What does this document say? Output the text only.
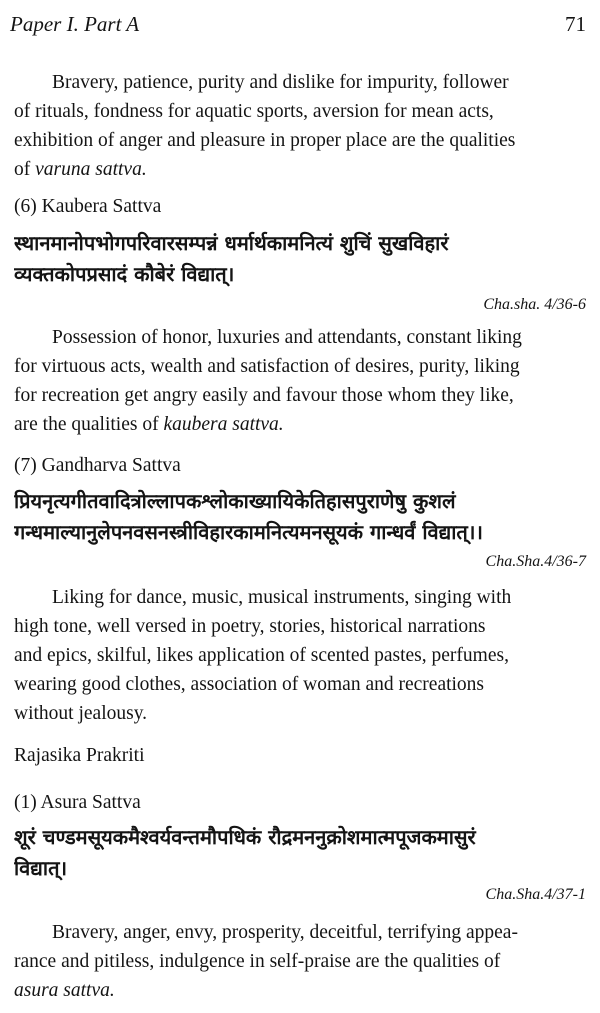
Paper I. Part A	71
Bravery, patience, purity and dislike for impurity, follower
of rituals, fondness for aquatic sports, aversion for mean acts,
exhibition of anger and pleasure in proper place are the qualities
of varuna sattva.
(6) Kaubera Sattva
स्थानमानोपभोगपरिवारसम्पन्नं धर्मार्थकामनित्यं शुचिं सुखविहारं
व्यक्तकोपप्रसादं कौबेरं विद्यात्।
Cha.sha. 4/36-6
Possession of honor, luxuries and attendants, constant liking
for virtuous acts, wealth and satisfaction of desires, purity, liking
for recreation get angry easily and favour those whom they like,
are the qualities of kaubera sattva.
(7) Gandharva Sattva
प्रियनृत्यगीतवादित्रोल्लापकश्लोकाख्यायिकेतिहासपुराणेषु कुशलं
गन्धमाल्यानुलेपनवसनस्त्रीविहारकामनित्यमनसूयकं गान्धर्वं विद्यात्।।
Cha.Sha.4/36-7
Liking for dance, music, musical instruments, singing with
high tone, well versed in poetry, stories, historical narrations
and epics, skilful, likes application of scented pastes, perfumes,
wearing good clothes, association of woman and recreations
without jealousy.
Rajasika Prakriti
(1) Asura Sattva
शूरं चण्डमसूयकमैश्वर्यवन्तमौपधिकं रौद्रमननुक्रोशमात्मपूजकमासुरं
विद्यात्।
Cha.Sha.4/37-1
Bravery, anger, envy, prosperity, deceitful, terrifying appea-
rance and pitiless, indulgence in self-praise are the qualities of
asura sattva.
